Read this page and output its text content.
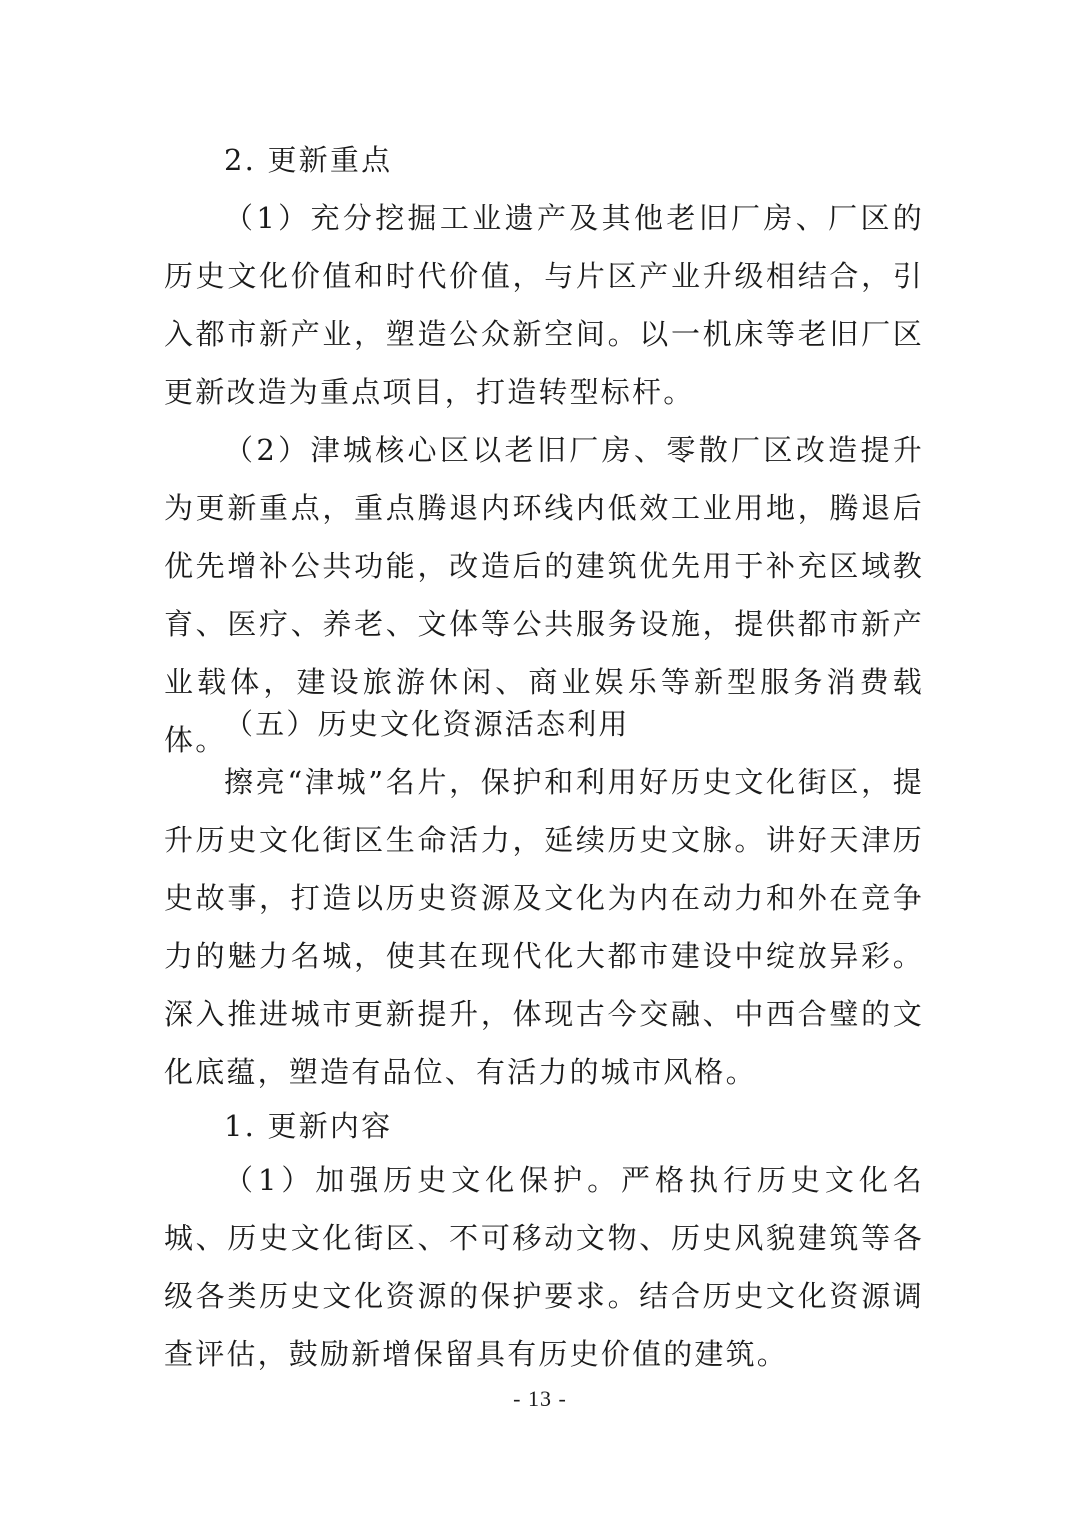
2. 更新重点

（1）充分挖掘工业遗产及其他老旧厂房、厂区的历史文化价值和时代价值，与片区产业升级相结合，引入都市新产业，塑造公众新空间。以一机床等老旧厂区更新改造为重点项目，打造转型标杆。

（2）津城核心区以老旧厂房、零散厂区改造提升为更新重点，重点腾退内环线内低效工业用地，腾退后优先增补公共功能，改造后的建筑优先用于补充区域教育、医疗、养老、文体等公共服务设施，提供都市新产业载体，建设旅游休闲、商业娱乐等新型服务消费载体。

（五）历史文化资源活态利用

擦亮“津城”名片，保护和利用好历史文化街区，提升历史文化街区生命活力，延续历史文脉。讲好天津历史故事，打造以历史资源及文化为内在动力和外在竞争力的魅力名城，使其在现代化大都市建设中绽放异彩。深入推进城市更新提升，体现古今交融、中西合璧的文化底蕴，塑造有品位、有活力的城市风格。

1. 更新内容

（1）加强历史文化保护。严格执行历史文化名城、历史文化街区、不可移动文物、历史风貌建筑等各级各类历史文化资源的保护要求。结合历史文化资源调查评估，鼓励新增保留具有历史价值的建筑。

- 13 -
